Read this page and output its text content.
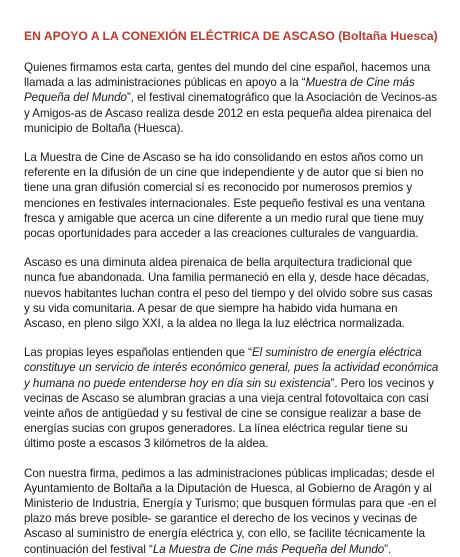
EN APOYO A LA CONEXIÓN ELÉCTRICA DE ASCASO (Boltaña Huesca)

Quienes firmamos esta carta, gentes del mundo del cine español, hacemos una llamada a las administraciones públicas en apoyo a la “Muestra de Cine más Pequeña del Mundo”, el festival cinematográfico que la Asociación de Vecinos-as y Amigos-as de Ascaso realiza desde 2012 en esta pequeña aldea pirenaica del municipio de Boltaña (Huesca).

La Muestra de Cine de Ascaso se ha ido consolidando en estos años como un referente en la difusión de un cine que independiente y de autor que si bien no tiene una gran difusión comercial sí es reconocido por numerosos premios y menciones en festivales internacionales. Este pequeño festival es una ventana fresca y amigable que acerca un cine diferente a un medio rural que tiene muy pocas oportunidades para acceder a las creaciones culturales de vanguardia.

Ascaso es una diminuta aldea pirenaica de bella arquitectura tradicional que nunca fue abandonada. Una familia permaneció en ella y, desde hace décadas, nuevos habitantes luchan contra el peso del tiempo y del olvido sobre sus casas y su vida comunitaria. A pesar de que siempre ha habido vida humana en Ascaso, en pleno silgo XXI, a la aldea no llega la luz eléctrica normalizada.

Las propias leyes españolas entienden que “El suministro de energía eléctrica constituye un servicio de interés económico general, pues la actividad económica y humana no puede entenderse hoy en día sin su existencia”. Pero los vecinos y vecinas de Ascaso se alumbran gracias a una vieja central fotovoltaica con casi veinte años de antigüedad y su festival de cine se consigue realizar a base de energías sucias con grupos generadores. La línea eléctrica regular tiene su último poste a escasos 3 kilómetros de la aldea.

Con nuestra firma, pedimos a las administraciones públicas implicadas; desde el Ayuntamiento de Boltaña a la Diputación de Huesca, al Gobierno de Aragón y al Ministerio de Industria, Energía y Turismo; que busquen fórmulas para que -en el plazo más breve posible- se garantice el derecho de los vecinos y vecinas de Ascaso al suministro de energía eléctrica y, con ello, se facilite técnicamente la continuación del festival “La Muestra de Cine más Pequeña del Mundo”.
